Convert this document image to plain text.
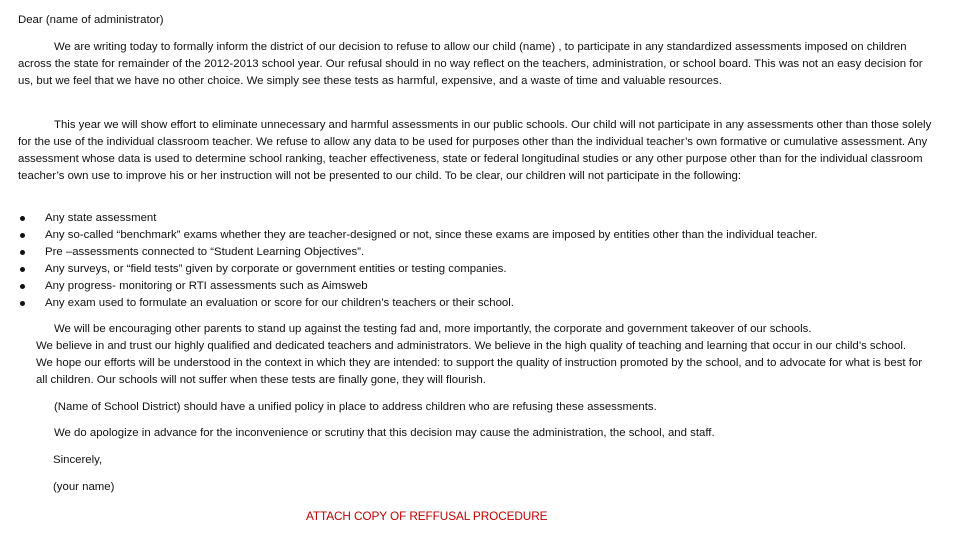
Dear (name of administrator)

We are writing today to formally inform the district of our decision to refuse to allow our child (name) , to participate in any standardized assessments imposed on children across the state for remainder of the 2012-2013 school year. Our refusal should in no way reflect on the teachers, administration, or school board. This was not an easy decision for us, but we feel that we have no other choice. We simply see these tests as harmful, expensive, and a waste of time and valuable resources.

This year we will show effort to eliminate unnecessary and harmful assessments in our public schools. Our child will not participate in any assessments other than those solely for the use of the individual classroom teacher. We refuse to allow any data to be used for purposes other than the individual teacher’s own formative or cumulative assessment. Any assessment whose data is used to determine school ranking, teacher effectiveness, state or federal longitudinal studies or any other purpose other than for the individual classroom teacher’s own use to improve his or her instruction will not be presented to our child. To be clear, our children will not participate in the following:

Any state assessment
Any so-called “benchmark” exams whether they are teacher-designed or not, since these exams are imposed by entities other than the individual teacher.
Pre –assessments connected to “Student Learning Objectives”.
Any surveys, or “field tests” given by corporate or government entities or testing companies.
Any progress- monitoring or RTI assessments such as Aimsweb
Any exam used to formulate an evaluation or score for our children’s teachers or their school.

We will be encouraging other parents to stand up against the testing fad and, more importantly, the corporate and government takeover of our schools.
We believe in and trust our highly qualified and dedicated teachers and administrators. We believe in the high quality of teaching and learning that occur in our child’s school. We hope our efforts will be understood in the context in which they are intended: to support the quality of instruction promoted by the school, and to advocate for what is best for all children. Our schools will not suffer when these tests are finally gone, they will flourish.

(Name of School District) should have a unified policy in place to address children who are refusing these assessments.

We do apologize in advance for the inconvenience or scrutiny that this decision may cause the administration, the school, and staff.

Sincerely,

(your name)

ATTACH COPY OF REFFUSAL PROCEDURE
